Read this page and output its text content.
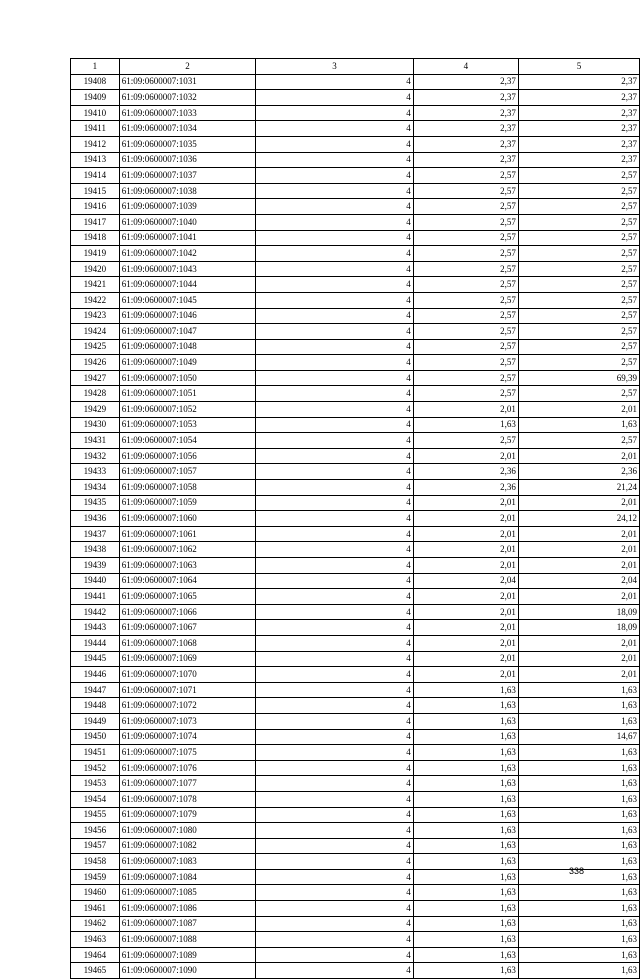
1	2	3	4	5
19408	61:09:0600007:1031	4	2,37	2,37
19409	61:09:0600007:1032	4	2,37	2,37
19410	61:09:0600007:1033	4	2,37	2,37
19411	61:09:0600007:1034	4	2,37	2,37
19412	61:09:0600007:1035	4	2,37	2,37
19413	61:09:0600007:1036	4	2,37	2,37
19414	61:09:0600007:1037	4	2,57	2,57
19415	61:09:0600007:1038	4	2,57	2,57
19416	61:09:0600007:1039	4	2,57	2,57
19417	61:09:0600007:1040	4	2,57	2,57
19418	61:09:0600007:1041	4	2,57	2,57
19419	61:09:0600007:1042	4	2,57	2,57
19420	61:09:0600007:1043	4	2,57	2,57
19421	61:09:0600007:1044	4	2,57	2,57
19422	61:09:0600007:1045	4	2,57	2,57
19423	61:09:0600007:1046	4	2,57	2,57
19424	61:09:0600007:1047	4	2,57	2,57
19425	61:09:0600007:1048	4	2,57	2,57
19426	61:09:0600007:1049	4	2,57	2,57
19427	61:09:0600007:1050	4	2,57	69,39
19428	61:09:0600007:1051	4	2,57	2,57
19429	61:09:0600007:1052	4	2,01	2,01
19430	61:09:0600007:1053	4	1,63	1,63
19431	61:09:0600007:1054	4	2,57	2,57
19432	61:09:0600007:1056	4	2,01	2,01
19433	61:09:0600007:1057	4	2,36	2,36
19434	61:09:0600007:1058	4	2,36	21,24
19435	61:09:0600007:1059	4	2,01	2,01
19436	61:09:0600007:1060	4	2,01	24,12
19437	61:09:0600007:1061	4	2,01	2,01
19438	61:09:0600007:1062	4	2,01	2,01
19439	61:09:0600007:1063	4	2,01	2,01
19440	61:09:0600007:1064	4	2,04	2,04
19441	61:09:0600007:1065	4	2,01	2,01
19442	61:09:0600007:1066	4	2,01	18,09
19443	61:09:0600007:1067	4	2,01	18,09
19444	61:09:0600007:1068	4	2,01	2,01
19445	61:09:0600007:1069	4	2,01	2,01
19446	61:09:0600007:1070	4	2,01	2,01
19447	61:09:0600007:1071	4	1,63	1,63
19448	61:09:0600007:1072	4	1,63	1,63
19449	61:09:0600007:1073	4	1,63	1,63
19450	61:09:0600007:1074	4	1,63	14,67
19451	61:09:0600007:1075	4	1,63	1,63
19452	61:09:0600007:1076	4	1,63	1,63
19453	61:09:0600007:1077	4	1,63	1,63
19454	61:09:0600007:1078	4	1,63	1,63
19455	61:09:0600007:1079	4	1,63	1,63
19456	61:09:0600007:1080	4	1,63	1,63
19457	61:09:0600007:1082	4	1,63	1,63
19458	61:09:0600007:1083	4	1,63	1,63
19459	61:09:0600007:1084	4	1,63	1,63
19460	61:09:0600007:1085	4	1,63	1,63
19461	61:09:0600007:1086	4	1,63	1,63
19462	61:09:0600007:1087	4	1,63	1,63
19463	61:09:0600007:1088	4	1,63	1,63
19464	61:09:0600007:1089	4	1,63	1,63
19465	61:09:0600007:1090	4	1,63	1,63
338
